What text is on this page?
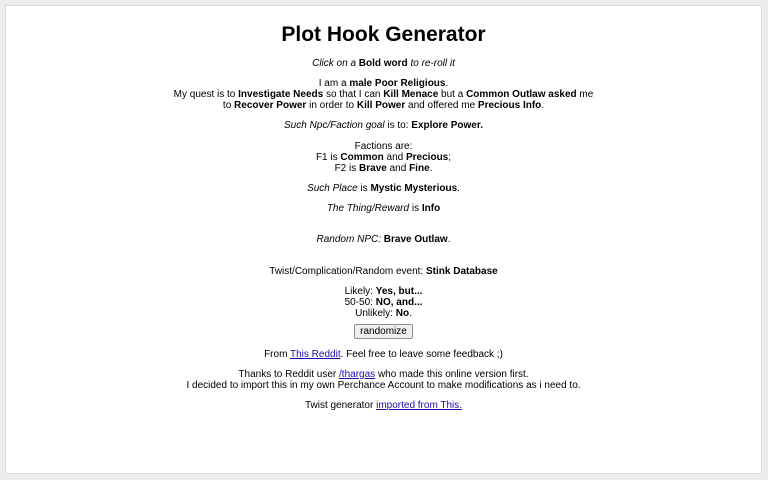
Plot Hook Generator
Click on a Bold word to re-roll it
I am a male Poor Religious.
My quest is to Investigate Needs so that I can Kill Menace but a Common Outlaw asked me
to Recover Power in order to Kill Power and offered me Precious Info.
Such Npc/Faction goal is to: Explore Power.
Factions are:
F1 is Common and Precious;
F2 is Brave and Fine.
Such Place is Mystic Mysterious.
The Thing/Reward is Info
Random NPC: Brave Outlaw.
Twist/Complication/Random event: Stink Database
Likely: Yes, but...
50-50: NO, and...
Unlikely: No.
randomize
From This Reddit. Feel free to leave some feedback ;)
Thanks to Reddit user /thargas who made this online version first.
I decided to import this in my own Perchance Account to make modifications as i need to.
Twist generator imported from This.
